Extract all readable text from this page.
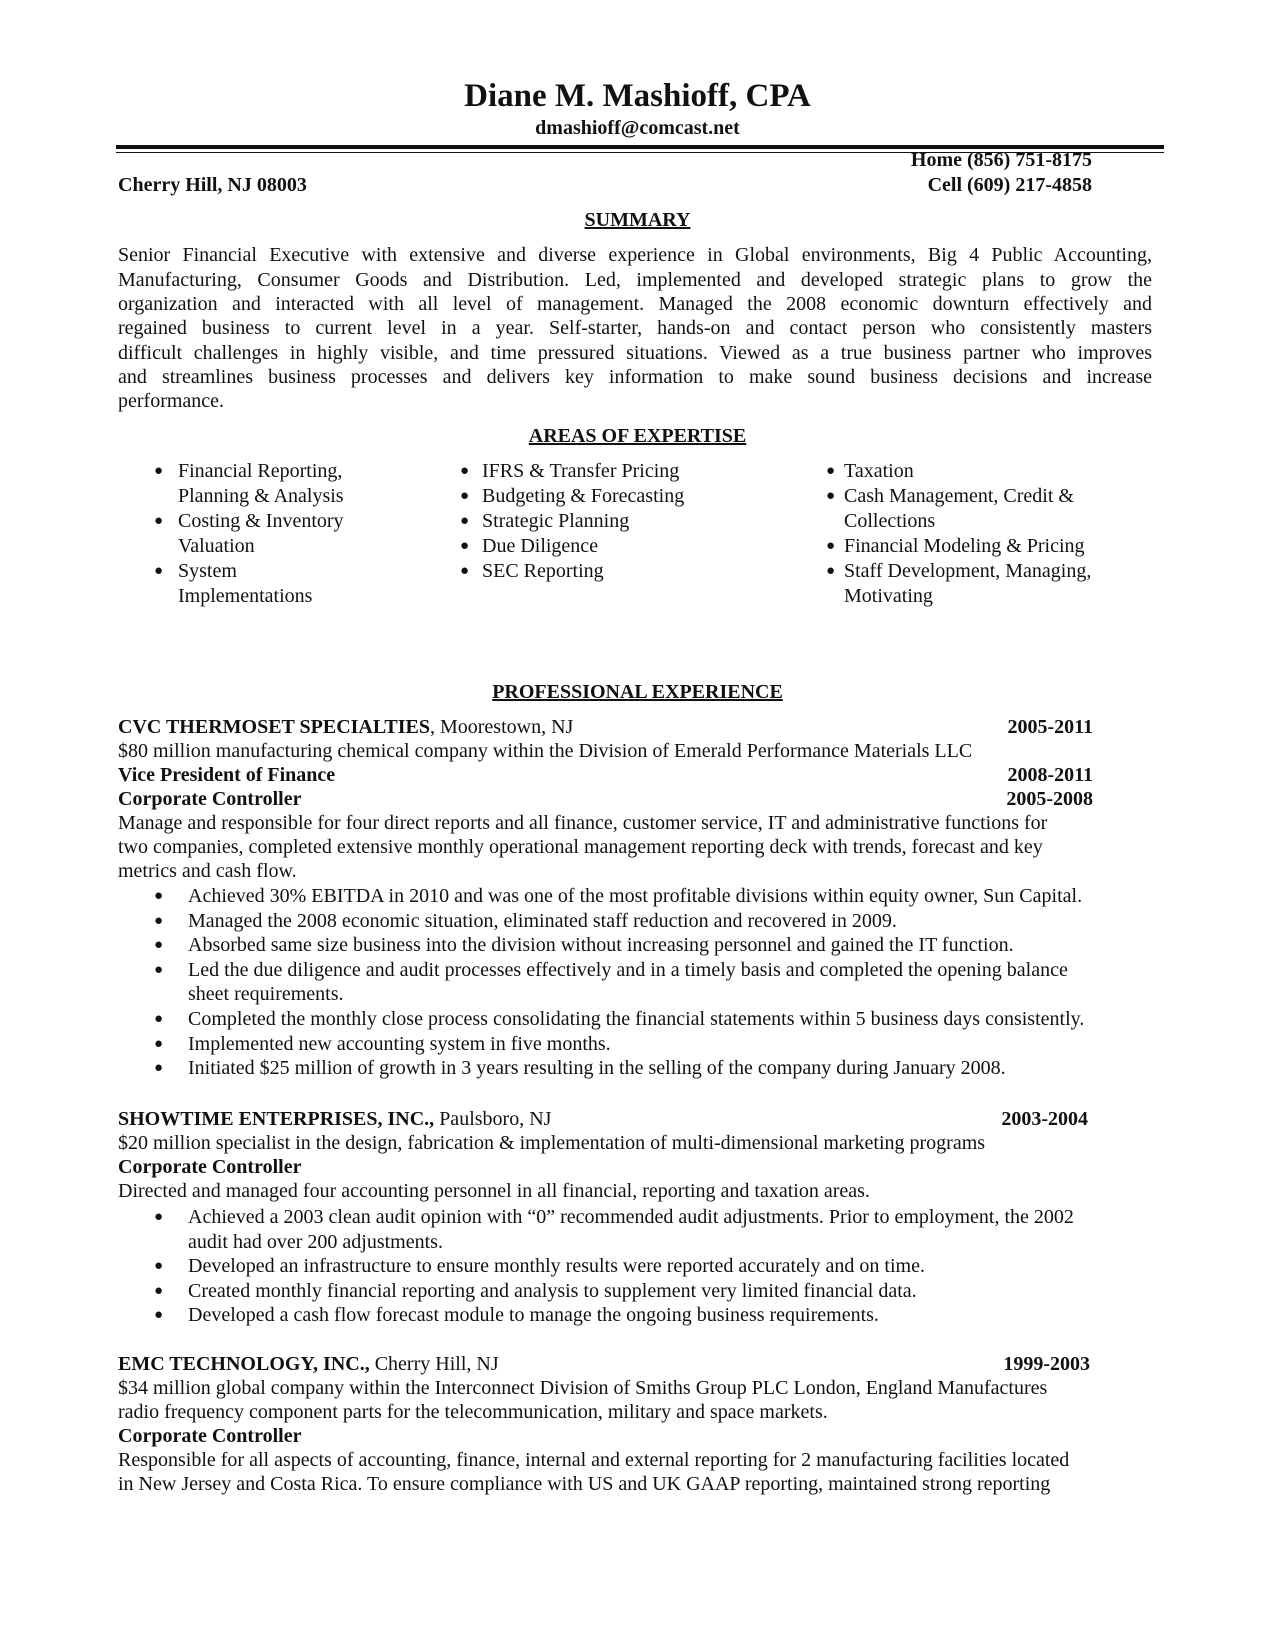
Diane M. Mashioff, CPA
dmashioff@comcast.net
Home (856) 751-8175
Cherry Hill, NJ 08003	Cell (609) 217-4858
SUMMARY
Senior Financial Executive with extensive and diverse experience in Global environments, Big 4 Public Accounting,
Manufacturing, Consumer Goods and Distribution. Led, implemented and developed strategic plans to grow the
organization and interacted with all level of management. Managed the 2008 economic downturn effectively and
regained business to current level in a year. Self-starter, hands-on and contact person who consistently masters
difficult challenges in highly visible, and time pressured situations. Viewed as a true business partner who improves
and streamlines business processes and delivers key information to make sound business decisions and increase
performance.
AREAS OF EXPERTISE
● Financial Reporting, Planning & Analysis
● Costing & Inventory Valuation
● System Implementations
● IFRS & Transfer Pricing
● Budgeting & Forecasting
● Strategic Planning
● Due Diligence
● SEC Reporting
● Taxation
● Cash Management, Credit & Collections
● Financial Modeling & Pricing
● Staff Development, Managing, Motivating
PROFESSIONAL EXPERIENCE
CVC THERMOSET SPECIALTIES, Moorestown, NJ	2005-2011
$80 million manufacturing chemical company within the Division of Emerald Performance Materials LLC
Vice President of Finance	2008-2011
Corporate Controller	2005-2008
Manage and responsible for four direct reports and all finance, customer service, IT and administrative functions for
two companies, completed extensive monthly operational management reporting deck with trends, forecast and key
metrics and cash flow.
● Achieved 30% EBITDA in 2010 and was one of the most profitable divisions within equity owner, Sun Capital.
● Managed the 2008 economic situation, eliminated staff reduction and recovered in 2009.
● Absorbed same size business into the division without increasing personnel and gained the IT function.
● Led the due diligence and audit processes effectively and in a timely basis and completed the opening balance sheet requirements.
● Completed the monthly close process consolidating the financial statements within 5 business days consistently.
● Implemented new accounting system in five months.
● Initiated $25 million of growth in 3 years resulting in the selling of the company during January 2008.
SHOWTIME ENTERPRISES, INC., Paulsboro, NJ	2003-2004
$20 million specialist in the design, fabrication & implementation of multi-dimensional marketing programs
Corporate Controller
Directed and managed four accounting personnel in all financial, reporting and taxation areas.
● Achieved a 2003 clean audit opinion with “0” recommended audit adjustments. Prior to employment, the 2002 audit had over 200 adjustments.
● Developed an infrastructure to ensure monthly results were reported accurately and on time.
● Created monthly financial reporting and analysis to supplement very limited financial data.
● Developed a cash flow forecast module to manage the ongoing business requirements.
EMC TECHNOLOGY, INC., Cherry Hill, NJ	1999-2003
$34 million global company within the Interconnect Division of Smiths Group PLC London, England Manufactures
radio frequency component parts for the telecommunication, military and space markets.
Corporate Controller
Responsible for all aspects of accounting, finance, internal and external reporting for 2 manufacturing facilities located
in New Jersey and Costa Rica. To ensure compliance with US and UK GAAP reporting, maintained strong reporting
